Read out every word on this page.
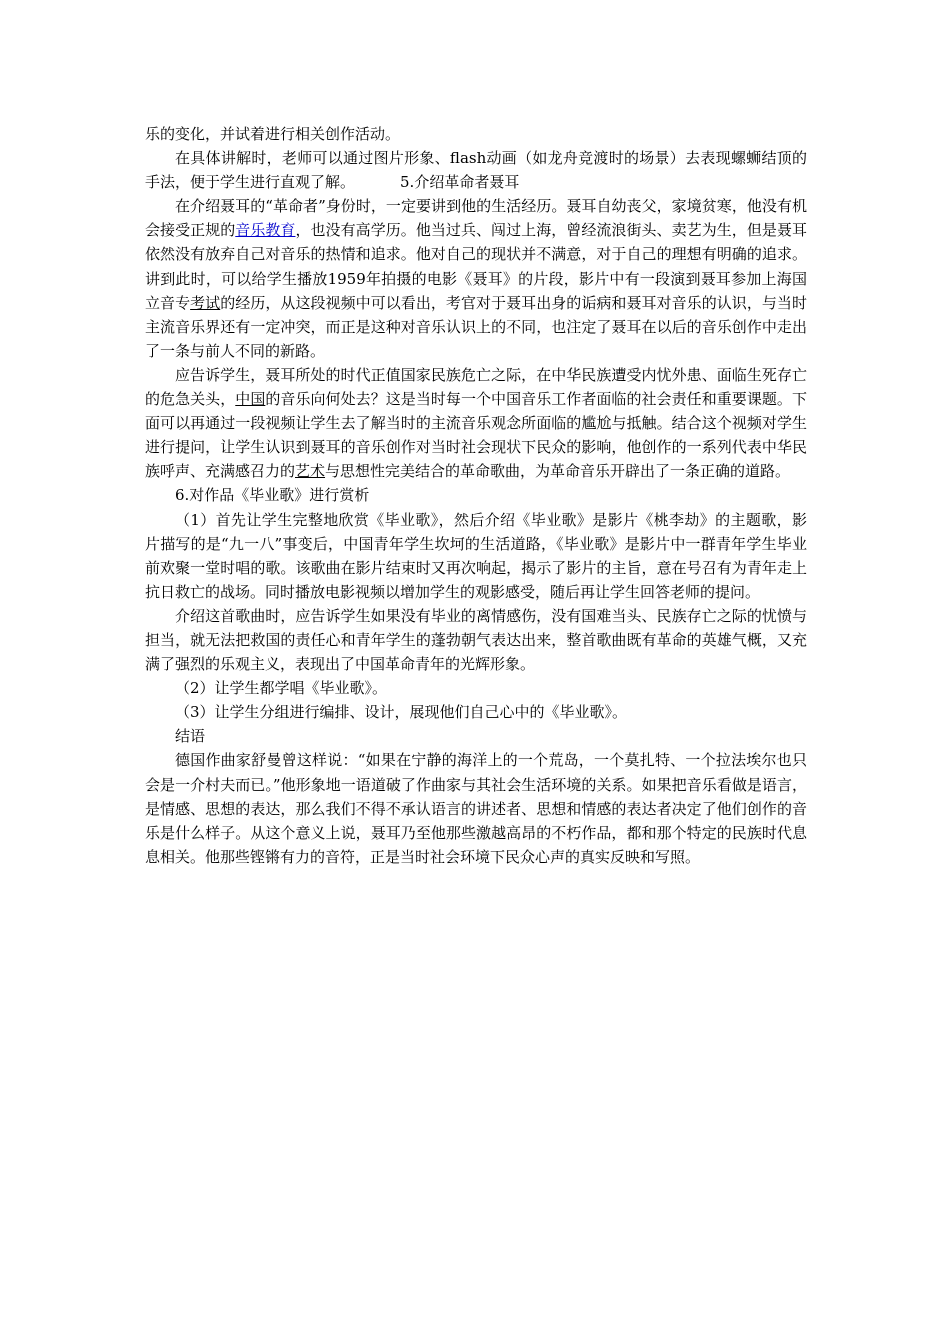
乐的变化，并试着进行相关创作活动。

在具体讲解时，老师可以通过图片形象、flash动画（如龙舟竞渡时的场景）去表现螺蛳结顶的手法，便于学生进行直观了解。	5.介绍革命者聂耳

在介绍聂耳的“革命者”身份时，一定要讲到他的生活经历。聂耳自幼丧父，家境贫寒，他没有机会接受正规的音乐教育，也没有高学历。他当过兵、闯过上海，曾经流浪街头、卖艺为生，但是聂耳依然没有放弃自己对音乐的热情和追求。他对自己的现状并不满意，对于自己的理想有明确的追求。讲到此时，可以给学生播放1959年拍摄的电影《聂耳》的片段，影片中有一段演到聂耳参加上海国立音专考试的经历，从这段视频中可以看出，考官对于聂耳出身的诟病和聂耳对音乐的认识，与当时主流音乐界还有一定冲突，而正是这种对音乐认识上的不同，也注定了聂耳在以后的音乐创作中走出了一条与前人不同的新路。

应告诉学生，聂耳所处的时代正值国家民族危亡之际，在中华民族遭受内忧外患、面临生死存亡的危急关头，中国的音乐向何处去？这是当时每一个中国音乐工作者面临的社会责任和重要课题。下面可以再通过一段视频让学生去了解当时的主流音乐观念所面临的尴尬与抵触。结合这个视频对学生进行提问，让学生认识到聂耳的音乐创作对当时社会现状下民众的影响，他创作的一系列代表中华民族呼声、充满感召力的艺术与思想性完美结合的革命歌曲，为革命音乐开辟出了一条正确的道路。

6.对作品《毕业歌》进行赏析

（1）首先让学生完整地欣赏《毕业歌》，然后介绍《毕业歌》是影片《桃李劫》的主题歌，影片描写的是“九一八”事变后，中国青年学生坎坷的生活道路，《毕业歌》是影片中一群青年学生毕业前欢聚一堂时唱的歌。该歌曲在影片结束时又再次响起，揭示了影片的主旨，意在号召有为青年走上抗日救亡的战场。同时播放电影视频以增加学生的观影感受，随后再让学生回答老师的提问。

介绍这首歌曲时，应告诉学生如果没有毕业的离情感伤，没有国难当头、民族存亡之际的忧愤与担当，就无法把救国的责任心和青年学生的蓬勃朝气表达出来，整首歌曲既有革命的英雄气概，又充满了强烈的乐观主义，表现出了中国革命青年的光辉形象。

（2）让学生都学唱《毕业歌》。

（3）让学生分组进行编排、设计，展现他们自己心中的《毕业歌》。

结语

德国作曲家舒曼曾这样说：“如果在宁静的海洋上的一个荒岛，一个莫扎特、一个拉法埃尔也只会是一介村夫而已。”他形象地一语道破了作曲家与其社会生活环境的关系。如果把音乐看做是语言，是情感、思想的表达，那么我们不得不承认语言的讲述者、思想和情感的表达者决定了他们创作的音乐是什么样子。从这个意义上说，聂耳乃至他那些激越高昂的不朽作品，都和那个特定的民族时代息息相关。他那些铿锵有力的音符，正是当时社会环境下民众心声的真实反映和写照。
